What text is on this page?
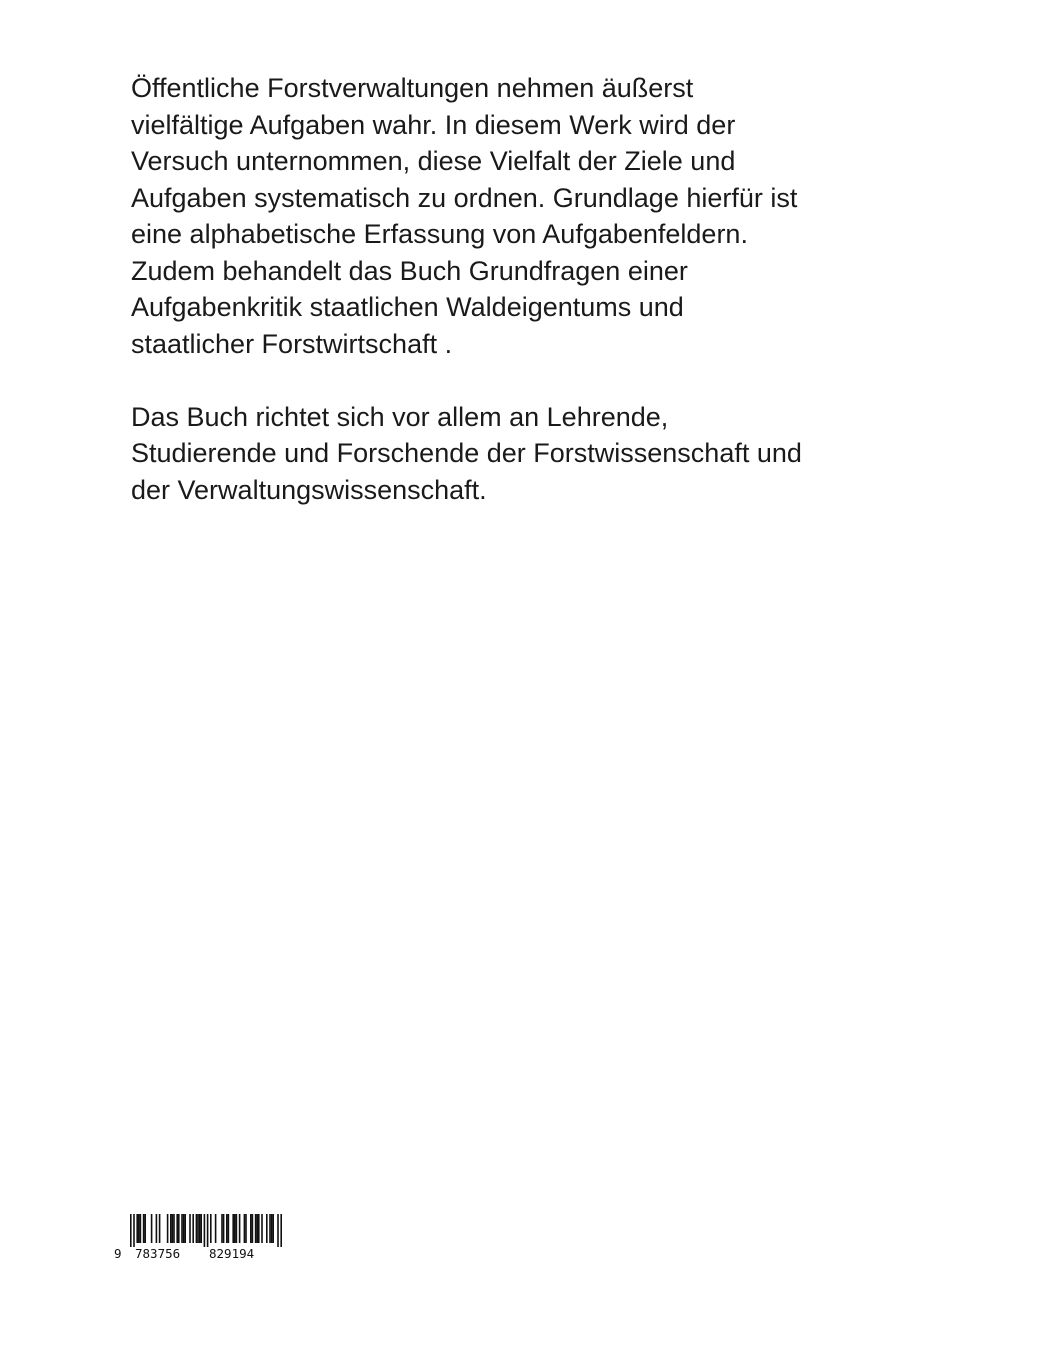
Öffentliche Forstverwaltungen nehmen äußerst
vielfältige Aufgaben wahr. In diesem Werk wird der
Versuch unternommen, diese Vielfalt der Ziele und
Aufgaben systematisch zu ordnen. Grundlage hierfür ist
eine alphabetische Erfassung von Aufgabenfeldern.
Zudem behandelt das Buch Grundfragen einer
Aufgabenkritik staatlichen Waldeigentums und
staatlicher Forstwirtschaft .

Das Buch richtet sich vor allem an Lehrende,
Studierende und Forschende der Forstwissenschaft und
der Verwaltungswissenschaft.

9

783756

829194
